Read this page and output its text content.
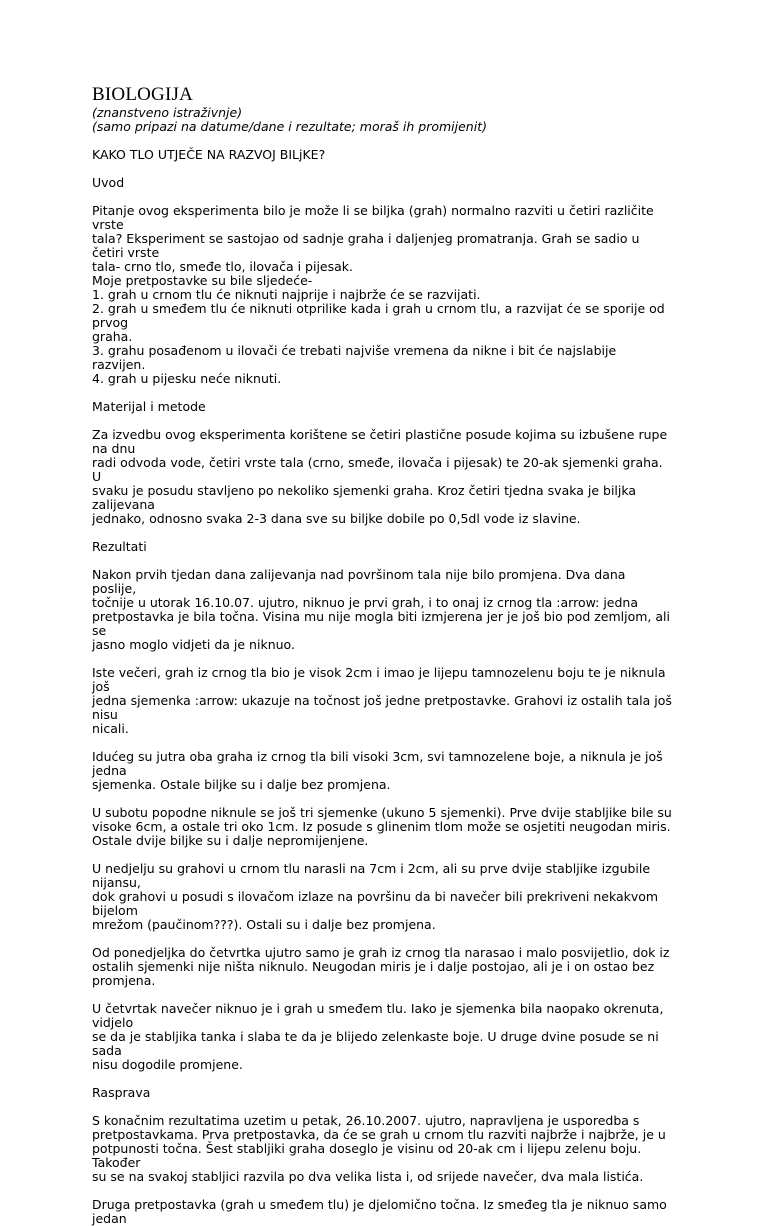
BIOLOGIJA
(znanstveno istraživnje)
(samo pripazi na datume/dane i rezultate; moraš ih promijenit)
KAKO TLO UTJEČE NA RAZVOJ BILjKE?
Uvod
Pitanje ovog eksperimenta bilo je može li se biljka (grah) normalno razviti u četiri različite vrste
tala? Eksperiment se sastojao od sadnje graha i daljenjeg promatranja. Grah se sadio u četiri vrste
tala- crno tlo, smeđe tlo, ilovača i pijesak.
Moje pretpostavke su bile sljedeće-
1. grah u crnom tlu će niknuti najprije i najbrže će se razvijati.
2. grah u smeđem tlu će niknuti otprilike kada i grah u crnom tlu, a razvijat će se sporije od prvog
graha.
3. grahu posađenom u ilovači će trebati najviše vremena da nikne i bit će najslabije razvijen.
4. grah u pijesku neće niknuti.
Materijal i metode
Za izvedbu ovog eksperimenta korištene se četiri plastične posude kojima su izbušene rupe na dnu
radi odvoda vode, četiri vrste tala (crno, smeđe, ilovača i pijesak) te 20-ak sjemenki graha. U
svaku je posudu stavljeno po nekoliko sjemenki graha. Kroz četiri tjedna svaka je biljka zalijevana
jednako, odnosno svaka 2-3 dana sve su biljke dobile po 0,5dl vode iz slavine.
Rezultati
Nakon prvih tjedan dana zalijevanja nad površinom tala nije bilo promjena. Dva dana poslije,
točnije u utorak 16.10.07. ujutro, niknuo je prvi grah, i to onaj iz crnog tla :arrow: jedna
pretpostavka je bila točna. Visina mu nije mogla biti izmjerena jer je još bio pod zemljom, ali se
jasno moglo vidjeti da je niknuo.
Iste večeri, grah iz crnog tla bio je visok 2cm i imao je lijepu tamnozelenu boju te je niknula još
jedna sjemenka :arrow: ukazuje na točnost još jedne pretpostavke. Grahovi iz ostalih tala još nisu
nicali.
Idućeg su jutra oba graha iz crnog tla bili visoki 3cm, svi tamnozelene boje, a niknula je još jedna
sjemenka. Ostale biljke su i dalje bez promjena.
U subotu popodne niknule se još tri sjemenke (ukuno 5 sjemenki). Prve dvije stabljike bile su
visoke 6cm, a ostale tri oko 1cm. Iz posude s glinenim tlom može se osjetiti neugodan miris.
Ostale dvije biljke su i dalje nepromijenjene.
U nedjelju su grahovi u crnom tlu narasli na 7cm i 2cm, ali su prve dvije stabljike izgubile nijansu,
dok grahovi u posudi s ilovačom izlaze na površinu da bi navečer bili prekriveni nekakvom bijelom
mrežom (paučinom???). Ostali su i dalje bez promjena.
Od ponedjeljka do četvrtka ujutro samo je grah iz crnog tla narasao i malo posvijetlio, dok iz
ostalih sjemenki nije ništa niknulo. Neugodan miris je i dalje postojao, ali je i on ostao bez
promjena.
U četvrtak navečer niknuo je i grah u smeđem tlu. Iako je sjemenka bila naopako okrenuta, vidjelo
se da je stabljika tanka i slaba te da je blijedo zelenkaste boje. U druge dvine posude se ni sada
nisu dogodile promjene.
Rasprava
S konačnim rezultatima uzetim u petak, 26.10.2007. ujutro, napravljena je usporedba s
pretpostavkama. Prva pretpostavka, da će se grah u crnom tlu razviti najbrže i najbrže, je u
potpunosti točna. Šest stabljiki graha doseglo je visinu od 20-ak cm i lijepu zelenu boju. Također
su se na svakoj stabljici razvila po dva velika lista i, od srijede navečer, dva mala listića.
Druga pretpostavka (grah u smeđem tlu) je djelomično točna. Iz smeđeg tla je niknuo samo jedan
